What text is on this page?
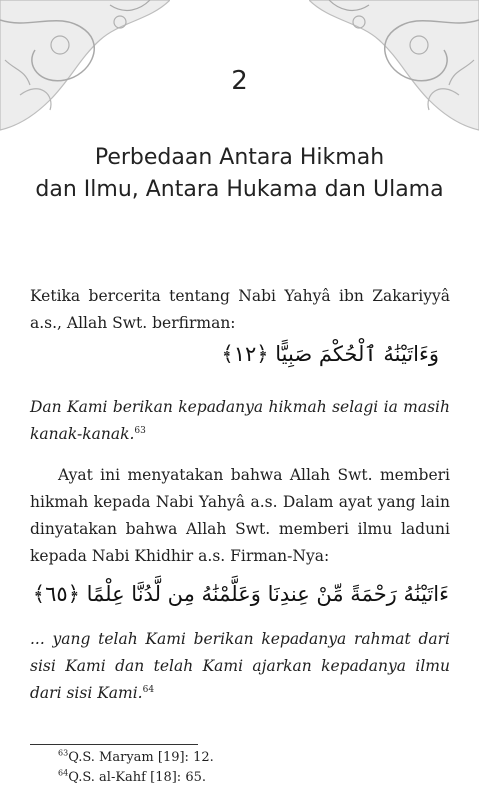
2
Perbedaan Antara Hikmah
dan Ilmu, Antara Hukama dan Ulama

Ketika bercerita tentang Nabi Yahyâ ibn Zakariyyâ a.s., Allah Swt. berfirman:

وَءَاتَيْنَٰهُ ٱلْحُكْمَ صَبِيًّا ﴿١٢﴾

Dan Kami berikan kepadanya hikmah selagi ia masih kanak-kanak.$^{63}$

Ayat ini menyatakan bahwa Allah Swt. memberi hikmah kepada Nabi Yahyâ a.s. Dalam ayat yang lain dinyatakan bahwa Allah Swt. memberi ilmu laduni kepada Nabi Khidhir a.s. Firman-Nya:

ءَاتَيْنَٰهُ رَحْمَةً مِّنْ عِندِنَا وَعَلَّمْنَٰهُ مِن لَّدُنَّا عِلْمًا ﴿٦٥﴾

... yang telah Kami berikan kepadanya rahmat dari sisi Kami dan telah Kami ajarkan kepadanya ilmu dari sisi Kami.$^{64}$

$^{63}$Q.S. Maryam [19]: 12.
$^{64}$Q.S. al-Kahf [18]: 65.
